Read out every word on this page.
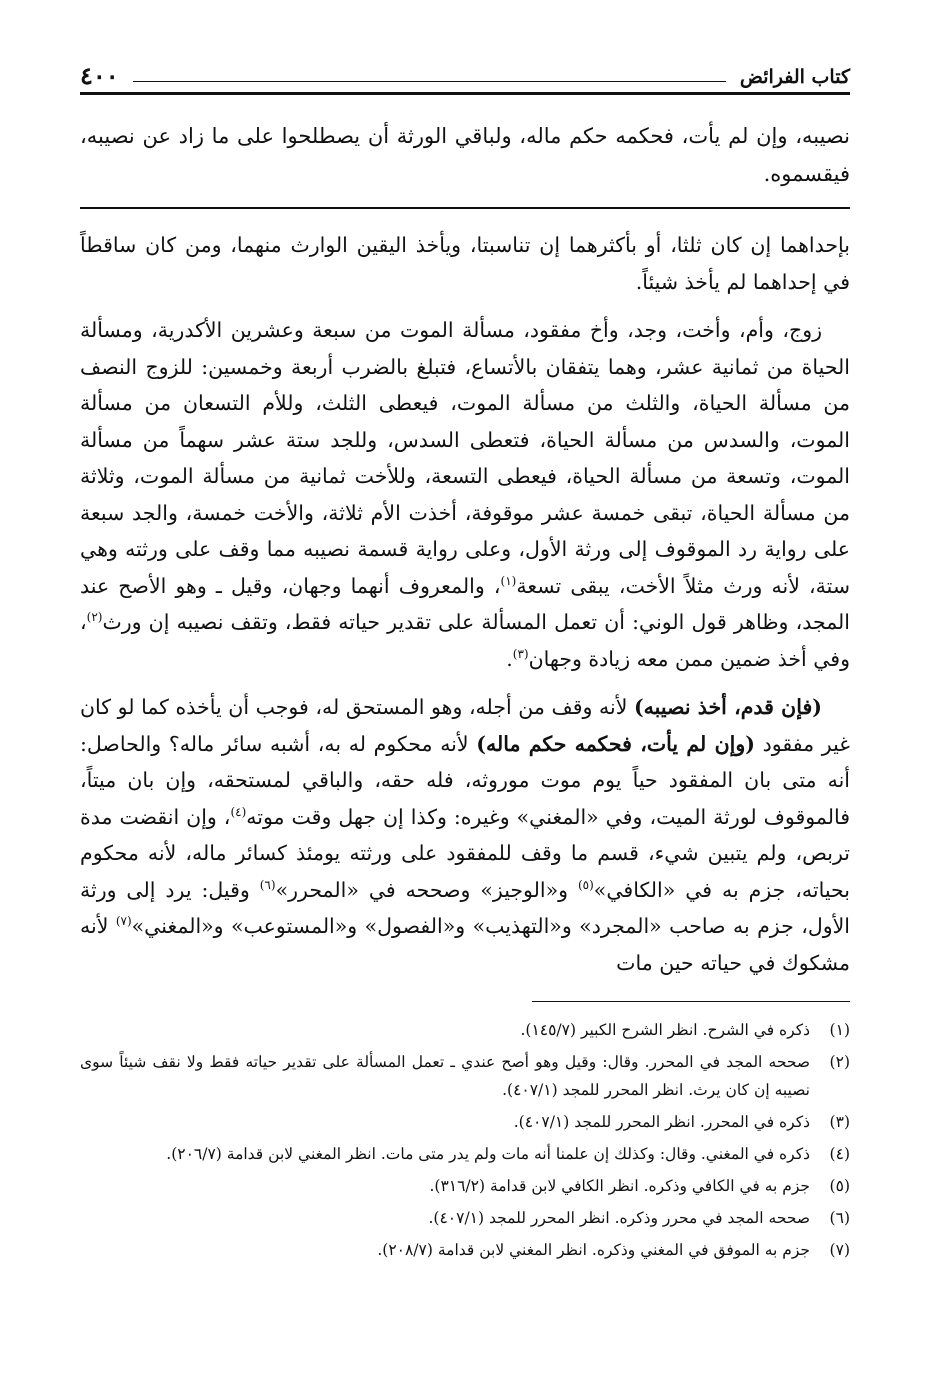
٤٠٠	كتاب الفرائض

نصيبه، وإن لم يأت، فحكمه حكم ماله، ولباقي الورثة أن يصطلحوا على ما زاد عن نصيبه، فيقسموه.

بإحداهما إن كان ثلثا، أو بأكثرهما إن تناسبتا، ويأخذ اليقين الوارث منهما، ومن كان ساقطاً في إحداهما لم يأخذ شيئاً.

زوج، وأم، وأخت، وجد، وأخ مفقود، مسألة الموت من سبعة وعشرين الأكدرية، ومسألة الحياة من ثمانية عشر، وهما يتفقان بالأتساع، فتبلغ بالضرب أربعة وخمسين: للزوج النصف من مسألة الحياة، والثلث من مسألة الموت، فيعطى الثلث، وللأم التسعان من مسألة الموت، والسدس من مسألة الحياة، فتعطى السدس، وللجد ستة عشر سهماً من مسألة الموت، وتسعة من مسألة الحياة، فيعطى التسعة، وللأخت ثمانية من مسألة الموت، وثلاثة من مسألة الحياة، تبقى خمسة عشر موقوفة، أخذت الأم ثلاثة، والأخت خمسة، والجد سبعة على رواية رد الموقوف إلى ورثة الأول، وعلى رواية قسمة نصيبه مما وقف على ورثته وهي ستة، لأنه ورث مثلاً الأخت، يبقى تسعة$^{(١)}$، والمعروف أنهما وجهان، وقيل ـ وهو الأصح عند المجد، وظاهر قول الوني: أن تعمل المسألة على تقدير حياته فقط، وتقف نصيبه إن ورث$^{(٢)}$، وفي أخذ ضمين ممن معه زيادة وجهان$^{(٣)}$.

(فإن قدم، أخذ نصيبه) لأنه وقف من أجله، وهو المستحق له، فوجب أن يأخذه كما لو كان غير مفقود (وإن لم يأت، فحكمه حكم ماله) لأنه محكوم له به، أشبه سائر ماله؟ والحاصل: أنه متى بان المفقود حياً يوم موت موروثه، فله حقه، والباقي لمستحقه، وإن بان ميتاً، فالموقوف لورثة الميت، وفي «المغني» وغيره: وكذا إن جهل وقت موته$^{(٤)}$، وإن انقضت مدة تربص، ولم يتبين شيء، قسم ما وقف للمفقود على ورثته يومئذ كسائر ماله، لأنه محكوم بحياته، جزم به في «الكافي»$^{(٥)}$ و«الوجيز» وصححه في «المحرر»$^{(٦)}$ وقيل: يرد إلى ورثة الأول، جزم به صاحب «المجرد» و«التهذيب» و«الفصول» و«المستوعب» و«المغني»$^{(٧)}$ لأنه مشكوك في حياته حين مات

(١)
ذكره في الشرح. انظر الشرح الكبير (١٤٥/٧).
(٢)
صححه المجد في المحرر. وقال: وقيل وهو أصح عندي ـ تعمل المسألة على تقدير حياته فقط ولا نقف شيئاً سوى نصيبه إن كان يرث. انظر المحرر للمجد (٤٠٧/١).
(٣)
ذكره في المحرر. انظر المحرر للمجد (٤٠٧/١).
(٤)
ذكره في المغني. وقال: وكذلك إن علمنا أنه مات ولم يدر متى مات. انظر المغني لابن قدامة (٢٠٦/٧).
(٥)
جزم به في الكافي وذكره. انظر الكافي لابن قدامة (٣١٦/٢).
(٦)
صححه المجد في محرر وذكره. انظر المحرر للمجد (٤٠٧/١).
(٧)
جزم به الموفق في المغني وذكره. انظر المغني لابن قدامة (٢٠٨/٧).
